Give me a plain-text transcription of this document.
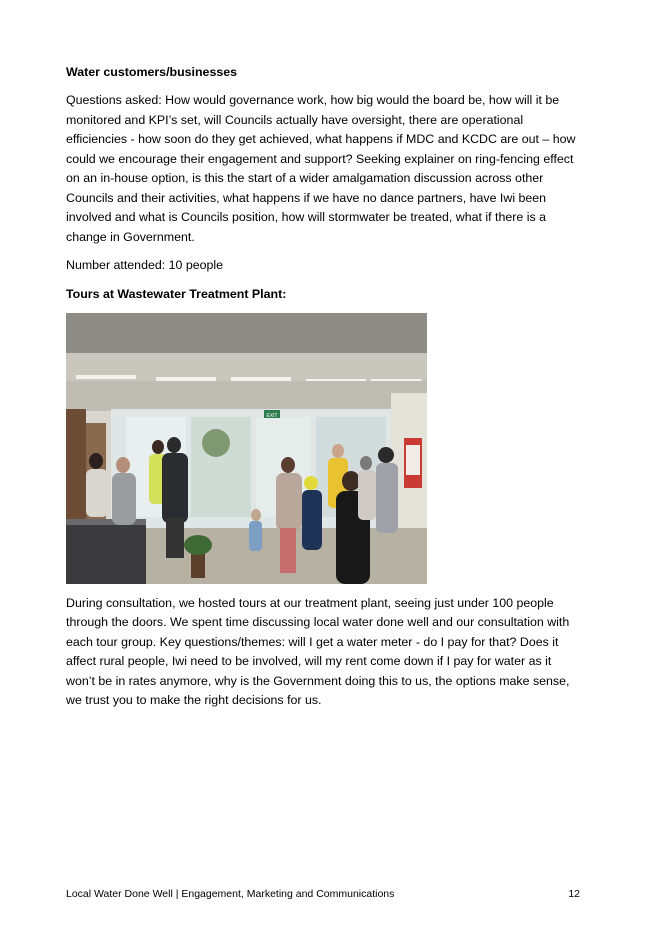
Water customers/businesses
Questions asked: How would governance work, how big would the board be, how will it be monitored and KPI’s set, will Councils actually have oversight, there are operational efficiencies - how soon do they get achieved, what happens if MDC and KCDC are out – how could we encourage their engagement and support? Seeking explainer on ring-fencing effect on an in-house option, is this the start of a wider amalgamation discussion across other Councils and their activities, what happens if we have no dance partners, have Iwi been involved and what is Councils position, how will stormwater be treated, what if there is a change in Government.
Number attended: 10 people
Tours at Wastewater Treatment Plant:
EXIT
During consultation, we hosted tours at our treatment plant, seeing just under 100 people through the doors. We spent time discussing local water done well and our consultation with each tour group. Key questions/themes: will I get a water meter - do I pay for that? Does it affect rural people, Iwi need to be involved, will my rent come down if I pay for water as it won’t be in rates anymore, why is the Government doing this to us, the options make sense, we trust you to make the right decisions for us.
Local Water Done Well | Engagement, Marketing and Communications	12
